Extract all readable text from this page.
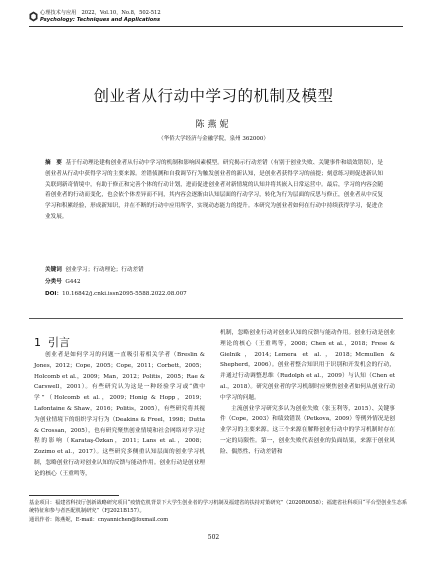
心理技术与应用　2022，Vol.10，No.8，502-512
Psychology: Techniques and Applications
创业者从行动中学习的机制及模型
陈燕妮
（华侨大学经济与金融学院，泉州 362000）
摘　要 基于行动理论建构创业者从行动中学习的机制和影响因素模型。研究揭示行动差错（有别于创业失败、关键事件和绩效错误），是创业者从行动中获得学习的主要来源。差错侦测和自我调节行为触发创业者的新认知，是创业者获得学习的前提；刻意练习则促进新认知关联到新奇情境中，有助于修正和完善个体的行动计划，进而促进创业者对新情境的认知并将其嵌入日常运营中。最后，学习的内容会随着创业者的行动而变化，也会依个体差异而不同，其内容会逐渐由认知层面的行动学习，转化为行为层面的反思与修正，创业者从中反复学习和积累经验，形成新知识，并在不断的行动中应用所学，实现动态能力的提升。本研究为创业者如何在行动中持续获得学习，促进企业发展。
关键词 创业学习；行动理论；行动差错
分类号 G442
DOI：10.16842/j.cnki.issn2095-5588.2022.08.007
1 引言

创业者是如何学习的问题一直吸引着相关学者（Breslin & Jones，2012；Cope，2005；Cope，2011；Corbett，2005；Holcomb et al.，2009；Man，2012；Politis，2005；Rae & Carswell，2001）。有些研究认为这是一种经验学习或“做中学”（Holcomb et al.，2009；Honig & Hopp，2019；Lafontaine & Shaw，2016；Politis，2005），有些研究将其视为创业情境下的组织学习行为（Deakins & Freel，1998；Dutta & Crossan，2005），也有研究聚焦创业情境和社会网络对学习过程的影响（Karataş-Özkan，2011；Lans et al.，2008；Zozimo et al.，2017）。这些研究多侧重认知层面的创业学习机制，忽略创业行动对创业认知的反馈与能动作用。创业行动是创业理论的核心（王重鸣等，

机制，忽略创业行动对创业认知的反馈与能动作用。创业行动是创业理论的核心（王重鸣等，2008；Chen et al.，2018；Frese & Gielnik，2014；Lemera et al.，2018；Mcmullen & Shepherd，2006）。创业者整合知识用于识别和开发机会的行动，并通过行动调整思维（Rudolph et al.，2009）与认知（Chen et al.，2018）。研究创业者的学习机制时应聚焦创业者如何从创业行动中学习的问题。

主流创业学习研究多认为创业失败（张玉利等，2015）、关键事件（Cope，2003）和绩效错误（Petkova，2009）等例外情况是创业学习的主要来源。这三个来源在解释创业行动中的学习机制时存在一定的局限性。第一，创业失败代表创业的负面结果，来源于创业风险、偶然性、行动差错和

基金项目：福建省科技厅创新战略研究项目“疫情危机背景下大学生创业者的学习机制及福建省的扶持对策研究”（2020R0058）；福建省社科项目“平台型创业生态系统特征和参与者匹配机制研究”（FJ2021B157）。
通讯作者：陈燕妮，E-mail：cnyannichen@foxmail.com
502
